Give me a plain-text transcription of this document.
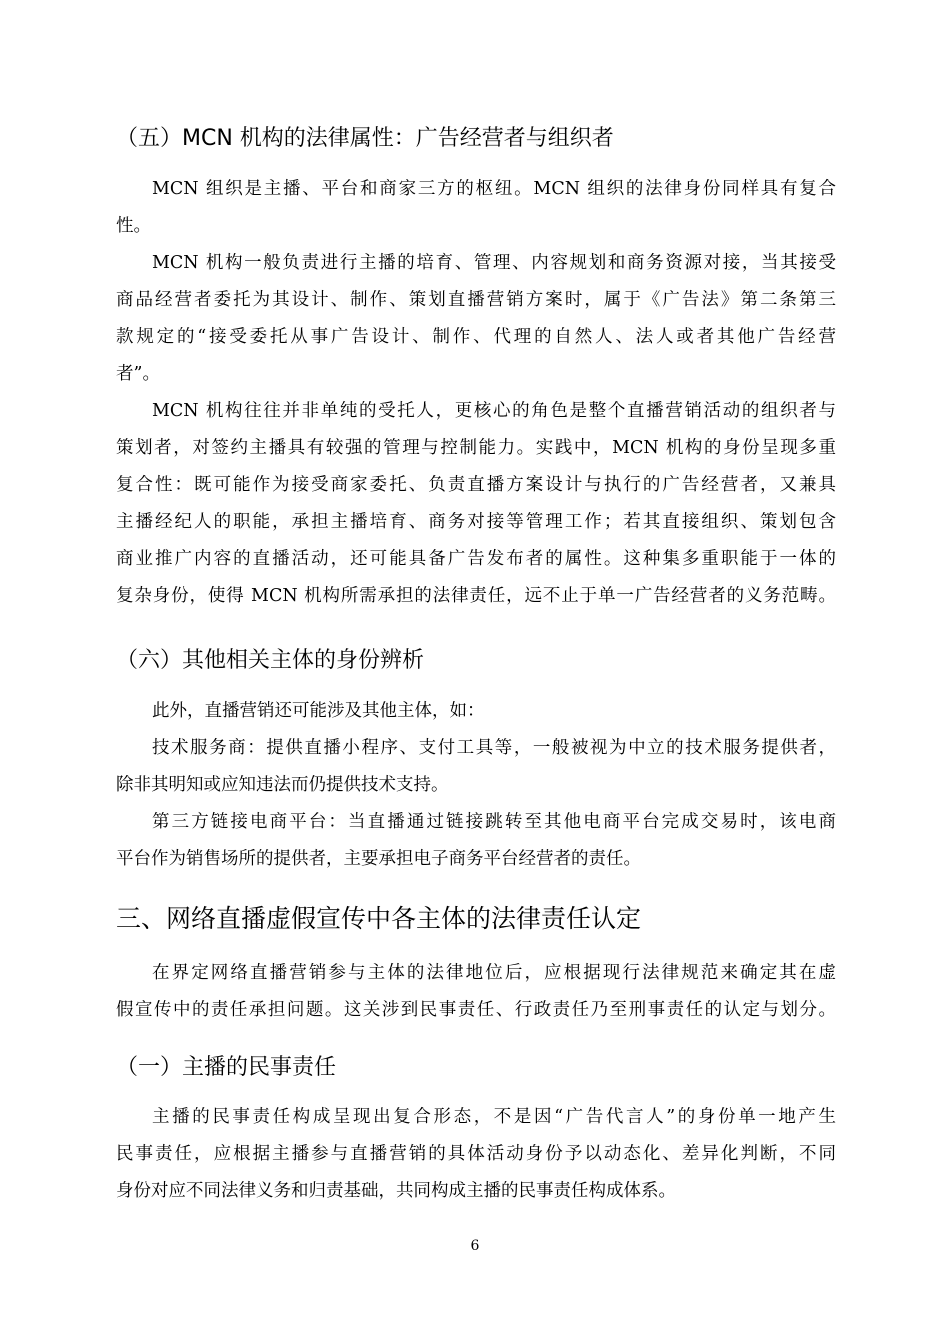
（五）MCN 机构的法律属性：广告经营者与组织者
MCN 组织是主播、平台和商家三方的枢纽。MCN 组织的法律身份同样具有复合
性。
MCN 机构一般负责进行主播的培育、管理、内容规划和商务资源对接，当其接受
商品经营者委托为其设计、制作、策划直播营销方案时，属于《广告法》第二条第三
款规定的“接受委托从事广告设计、制作、代理的自然人、法人或者其他广告经营
者”。
MCN 机构往往并非单纯的受托人，更核心的角色是整个直播营销活动的组织者与
策划者，对签约主播具有较强的管理与控制能力。实践中，MCN 机构的身份呈现多重
复合性：既可能作为接受商家委托、负责直播方案设计与执行的广告经营者，又兼具
主播经纪人的职能，承担主播培育、商务对接等管理工作；若其直接组织、策划包含
商业推广内容的直播活动，还可能具备广告发布者的属性。这种集多重职能于一体的
复杂身份，使得 MCN 机构所需承担的法律责任，远不止于单一广告经营者的义务范畴。
（六）其他相关主体的身份辨析
此外，直播营销还可能涉及其他主体，如：
技术服务商：提供直播小程序、支付工具等，一般被视为中立的技术服务提供者，
除非其明知或应知违法而仍提供技术支持。
第三方链接电商平台：当直播通过链接跳转至其他电商平台完成交易时，该电商
平台作为销售场所的提供者，主要承担电子商务平台经营者的责任。
三、网络直播虚假宣传中各主体的法律责任认定
在界定网络直播营销参与主体的法律地位后，应根据现行法律规范来确定其在虚
假宣传中的责任承担问题。这关涉到民事责任、行政责任乃至刑事责任的认定与划分。
（一）主播的民事责任
主播的民事责任构成呈现出复合形态，不是因“广告代言人”的身份单一地产生
民事责任，应根据主播参与直播营销的具体活动身份予以动态化、差异化判断，不同
身份对应不同法律义务和归责基础，共同构成主播的民事责任构成体系。
6
